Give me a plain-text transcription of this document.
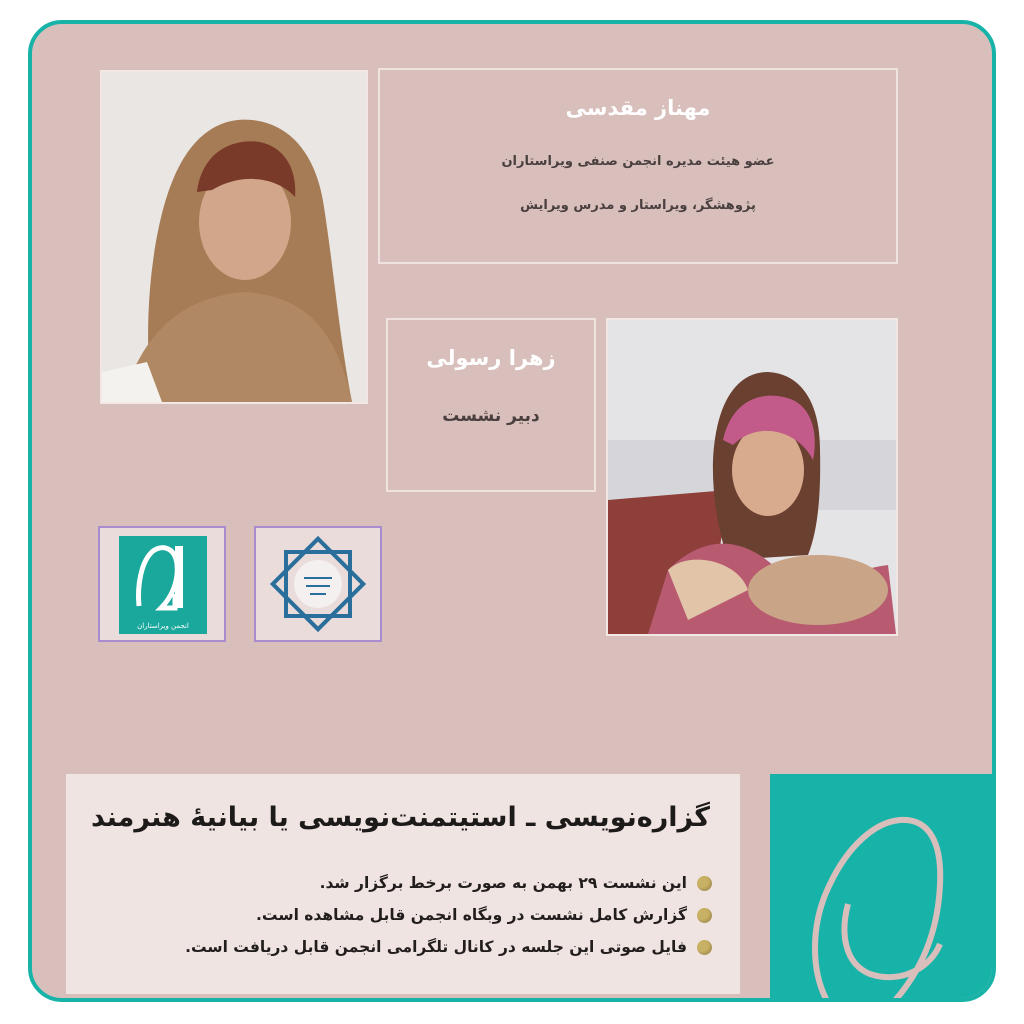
مهناز مقدسی
عضو هیئت مدیره انجمن صنفی ویراستاران
پژوهشگر، ویراستار و مدرس ویرایش
زهرا رسولی
دبیر نشست
انجمن ویراستاران
گزاره‌نویسی ـ استیتمنت‌نویسی یا بیانیهٔ هنرمند
این نشست ۲۹ بهمن به صورت برخط برگزار شد.
گزارش کامل نشست در وبگاه انجمن قابل مشاهده است.
فایل صوتی این جلسه در کانال تلگرامی انجمن قابل دریافت است.
